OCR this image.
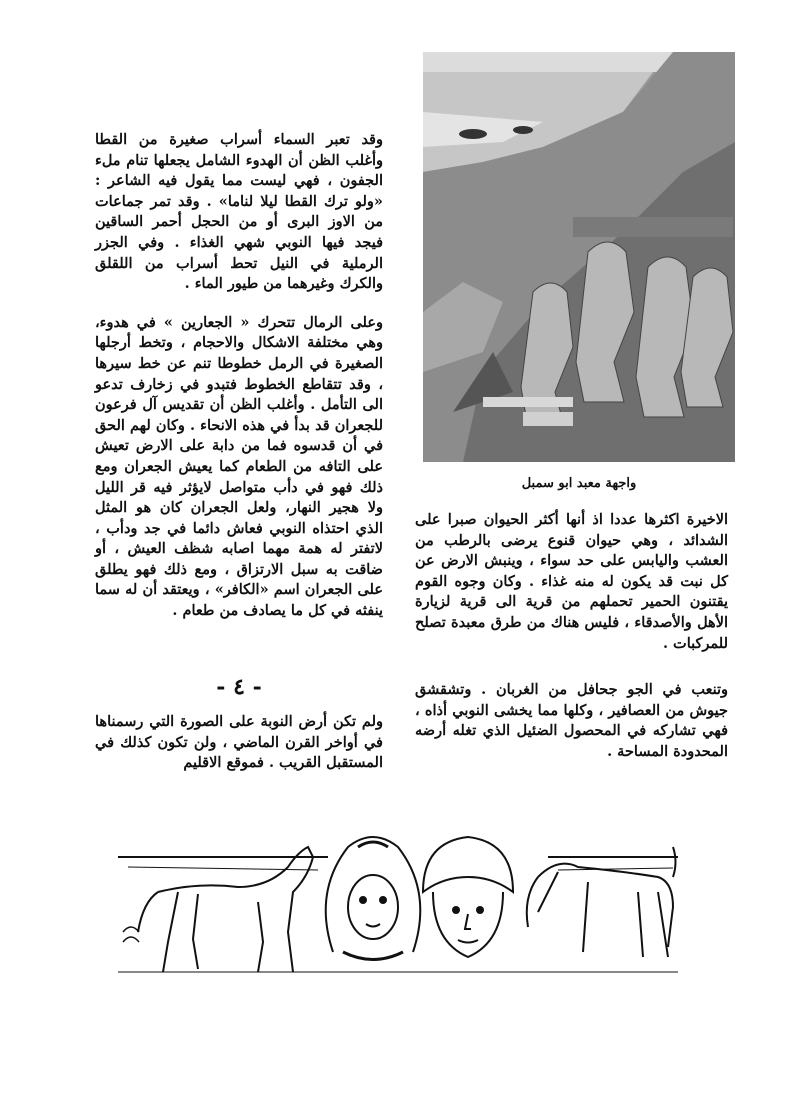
واجهة معبد ابو سمبل

وقد تعبر السماء أسراب صغيرة من القطا وأغلب الظن أن الهدوء الشامل يجعلها تنام ملء الجفون ، فهي ليست مما يقول فيه الشاعر : «ولو ترك القطا ليلا لناما» . وقد تمر جماعات من الاوز البرى أو من الحجل أحمر الساقين فيجد فيها النوبي شهي الغذاء . وفي الجزر الرملية في النيل تحط أسراب من اللقلق والكرك وغيرهما من طيور الماء .

وعلى الرمال تتحرك « الجعارين » في هدوء، وهي مختلفة الاشكال والاحجام ، وتخط أرجلها الصغيرة في الرمل خطوطا تنم عن خط سيرها ، وقد تتقاطع الخطوط فتبدو في زخارف تدعو الى التأمل . وأغلب الظن أن تقديس آل فرعون للجعران قد بدأ في هذه الانحاء . وكان لهم الحق في أن قدسوه فما من دابة على الارض تعيش على التافه من الطعام كما يعيش الجعران ومع ذلك فهو في دأب متواصل لايؤثر فيه قر الليل ولا هجير النهار، ولعل الجعران كان هو المثل الذي احتذاه النوبي فعاش دائما في جد ودأب ، لاتفتر له همة مهما اصابه شظف العيش ، أو ضاقت به سبل الارتزاق ، ومع ذلك فهو يطلق على الجعران اسم «الكافر» ، ويعتقد أن له سما ينفثه في كل ما يصادف من طعام .

- ٤ -

ولم تكن أرض النوبة على الصورة التي رسمناها في أواخر القرن الماضي ، ولن تكون كذلك في المستقبل القريب . فموقع الاقليم

الاخيرة اكثرها عددا اذ أنها أكثر الحيوان صبرا على الشدائد ، وهي حيوان قنوع يرضى بالرطب من العشب واليابس على حد سواء ، وينبش الارض عن كل نبت قد يكون له منه غذاء . وكان وجوه القوم يقتنون الحمير تحملهم من قرية الى قرية لزيارة الأهل والأصدقاء ، فليس هناك من طرق معبدة تصلح للمركبات .

وتنعب في الجو جحافل من الغربان . وتشقشق جيوش من العصافير ، وكلها مما يخشى النوبي أذاه ، فهي تشاركه في المحصول الضئيل الذي تغله أرضه المحدودة المساحة .
